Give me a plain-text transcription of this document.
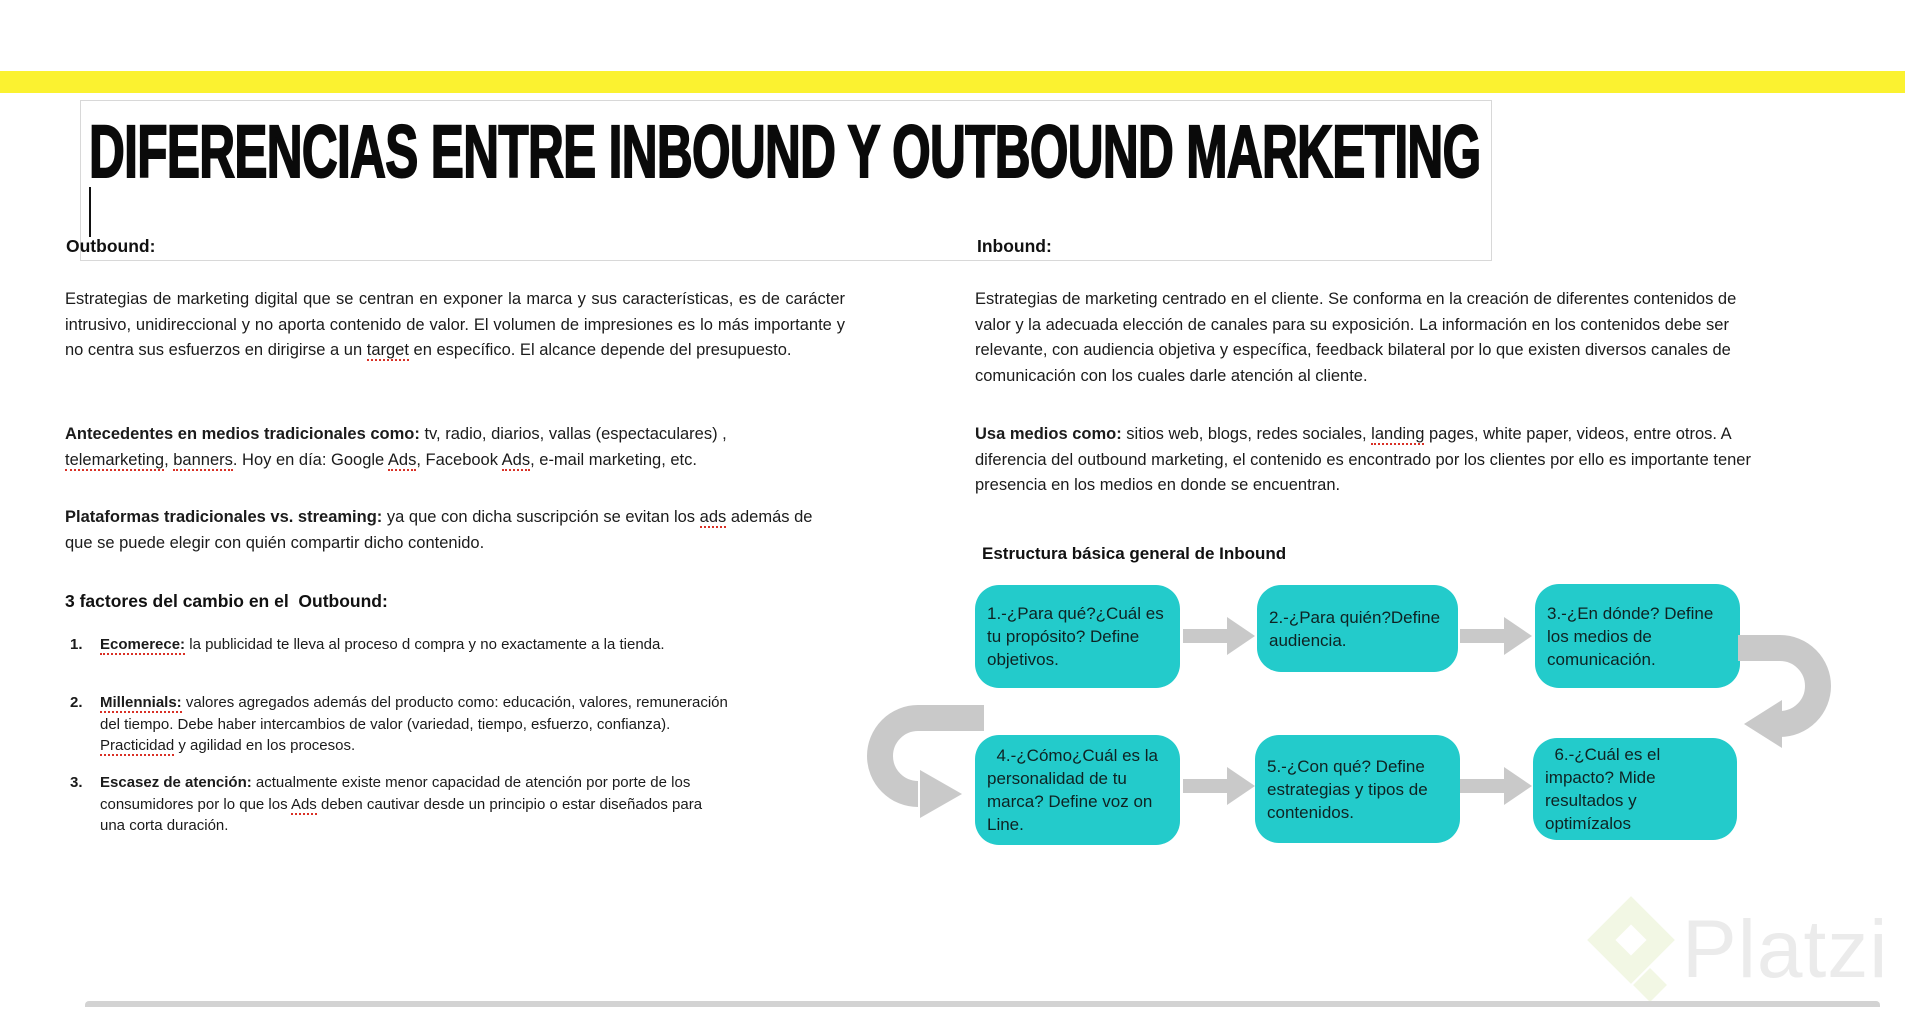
DIFERENCIAS ENTRE INBOUND Y OUTBOUND MARKETING
Outbound:	Inbound:

Estrategias de marketing digital que se centran en exponer la marca y sus características, es de carácter intrusivo, unidireccional y no aporta contenido de valor. El volumen de impresiones es lo más importante y no centra sus esfuerzos en dirigirse a un target en específico. El alcance depende del presupuesto.

Antecedentes en medios tradicionales como: tv, radio, diarios, vallas (espectaculares) , telemarketing, banners. Hoy en día: Google Ads, Facebook Ads, e-mail marketing, etc.

Plataformas tradicionales vs. streaming: ya que con dicha suscripción se evitan los ads además de que se puede elegir con quién compartir dicho contenido.

3 factores del cambio en el  Outbound:
1.	Ecomerece: la publicidad te lleva al proceso d compra y no exactamente a la tienda.
2.	Millennials: valores agregados además del producto como: educación, valores, remuneración del tiempo. Debe haber intercambios de valor (variedad, tiempo, esfuerzo, confianza). Practicidad y agilidad en los procesos.
3.	Escasez de atención: actualmente existe menor capacidad de atención por porte de los consumidores por lo que los Ads deben cautivar desde un principio o estar diseñados para una corta duración.

Estrategias de marketing centrado en el cliente. Se conforma en la creación de diferentes contenidos de valor y la adecuada elección de canales para su exposición. La información en los contenidos debe ser relevante, con audiencia objetiva y específica, feedback bilateral por lo que existen diversos canales de comunicación con los cuales darle atención al cliente.

Usa medios como: sitios web, blogs, redes sociales, landing pages, white paper, videos, entre otros. A diferencia del outbound marketing, el contenido es encontrado por los clientes por ello es importante tener presencia en los medios en donde se encuentran.

Estructura básica general de Inbound
1.-¿Para qué?¿Cuál es tu propósito? Define objetivos.
2.-¿Para quién?Define audiencia.
3.-¿En dónde? Define los medios de comunicación.
4.-¿Cómo¿Cuál es la personalidad de tu marca? Define voz on Line.
5.-¿Con qué? Define estrategias y tipos de contenidos.
6.-¿Cuál es el impacto? Mide resultados y optimízalos
Platzi
